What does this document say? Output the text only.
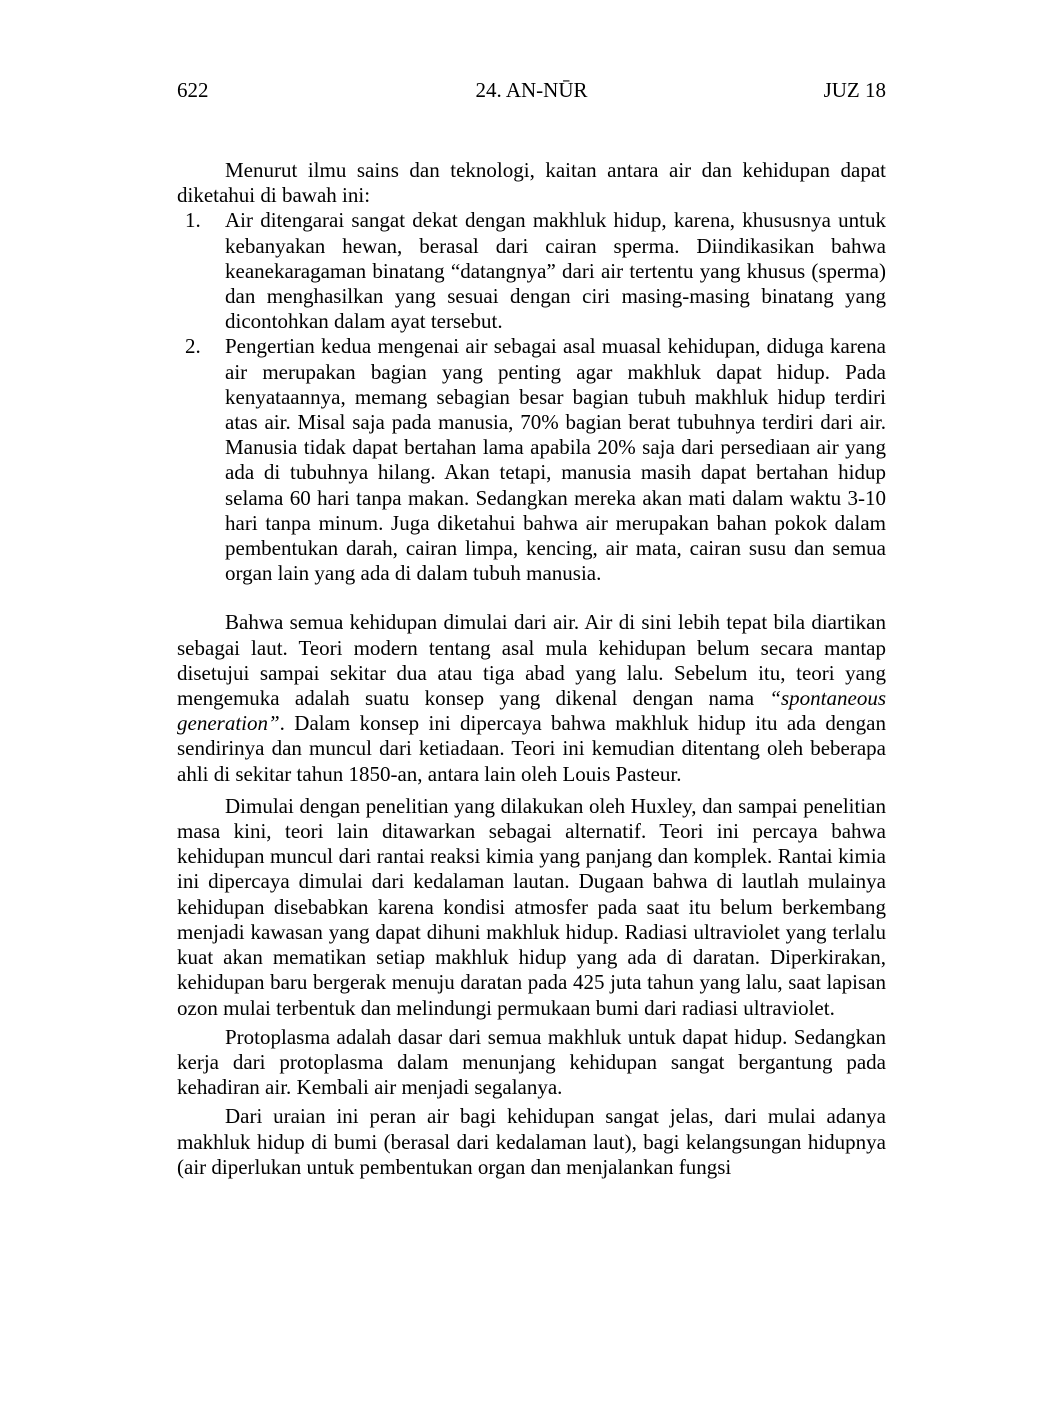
622	24. AN-NŪR	JUZ 18

Menurut ilmu sains dan teknologi, kaitan antara air dan kehidupan dapat diketahui di bawah ini:

1. Air ditengarai sangat dekat dengan makhluk hidup, karena, khususnya untuk kebanyakan hewan, berasal dari cairan sperma. Diindikasikan bahwa keanekaragaman binatang “datangnya” dari air tertentu yang khusus (sperma) dan menghasilkan yang sesuai dengan ciri masing-masing binatang yang dicontohkan dalam ayat tersebut.
2. Pengertian kedua mengenai air sebagai asal muasal kehidupan, diduga karena air merupakan bagian yang penting agar makhluk dapat hidup. Pada kenyataannya, memang sebagian besar bagian tubuh makhluk hidup terdiri atas air. Misal saja pada manusia, 70% bagian berat tubuhnya terdiri dari air. Manusia tidak dapat bertahan lama apabila 20% saja dari persediaan air yang ada di tubuhnya hilang. Akan tetapi, manusia masih dapat bertahan hidup selama 60 hari tanpa makan. Sedangkan mereka akan mati dalam waktu 3-10 hari tanpa minum. Juga diketahui bahwa air merupakan bahan pokok dalam pembentukan darah, cairan limpa, kencing, air mata, cairan susu dan semua organ lain yang ada di dalam tubuh manusia.

Bahwa semua kehidupan dimulai dari air. Air di sini lebih tepat bila diartikan sebagai laut. Teori modern tentang asal mula kehidupan belum secara mantap disetujui sampai sekitar dua atau tiga abad yang lalu. Sebelum itu, teori yang mengemuka adalah suatu konsep yang dikenal dengan nama “spontaneous generation”. Dalam konsep ini dipercaya bahwa makhluk hidup itu ada dengan sendirinya dan muncul dari ketiadaan. Teori ini kemudian ditentang oleh beberapa ahli di sekitar tahun 1850-an, antara lain oleh Louis Pasteur.

Dimulai dengan penelitian yang dilakukan oleh Huxley, dan sampai penelitian masa kini, teori lain ditawarkan sebagai alternatif. Teori ini percaya bahwa kehidupan muncul dari rantai reaksi kimia yang panjang dan komplek. Rantai kimia ini dipercaya dimulai dari kedalaman lautan. Dugaan bahwa di lautlah mulainya kehidupan disebabkan karena kondisi atmosfer pada saat itu belum berkembang menjadi kawasan yang dapat dihuni makhluk hidup. Radiasi ultraviolet yang terlalu kuat akan mematikan setiap makhluk hidup yang ada di daratan. Diperkirakan, kehidupan baru bergerak menuju daratan pada 425 juta tahun yang lalu, saat lapisan ozon mulai terbentuk dan melindungi permukaan bumi dari radiasi ultraviolet.

Protoplasma adalah dasar dari semua makhluk untuk dapat hidup. Sedangkan kerja dari protoplasma dalam menunjang kehidupan sangat bergantung pada kehadiran air. Kembali air menjadi segalanya.

Dari uraian ini peran air bagi kehidupan sangat jelas, dari mulai adanya makhluk hidup di bumi (berasal dari kedalaman laut), bagi kelangsungan hidupnya (air diperlukan untuk pembentukan organ dan menjalankan fungsi
